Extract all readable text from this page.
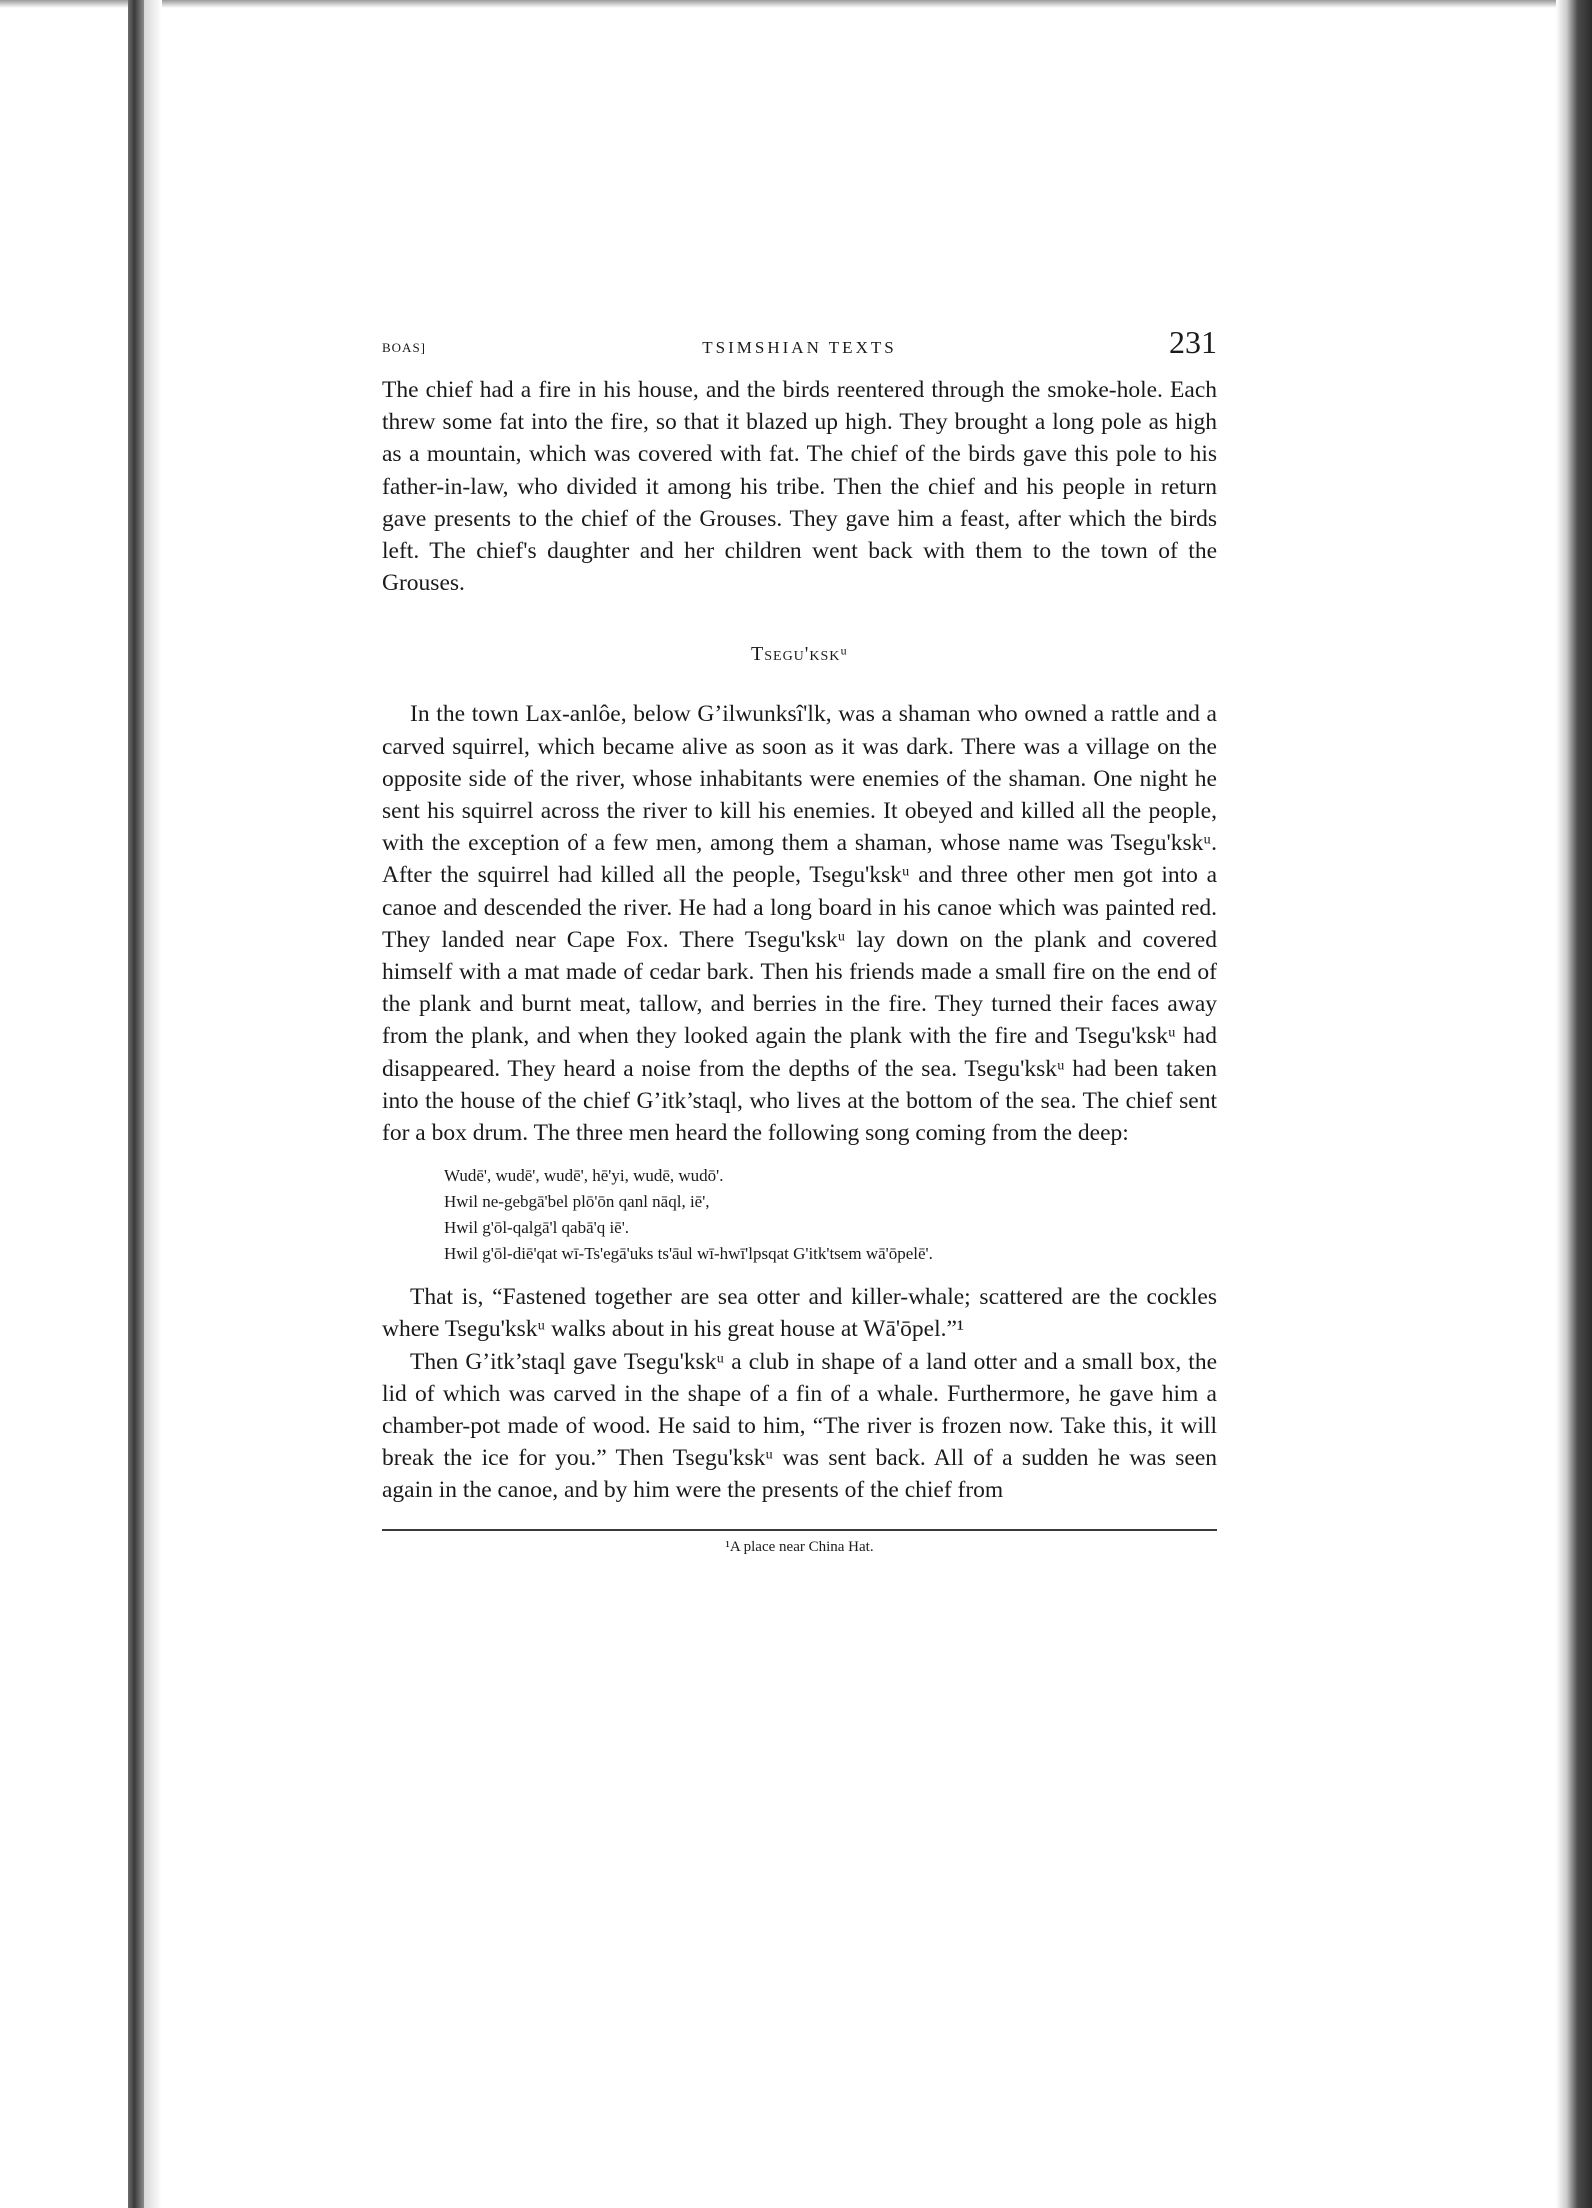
BOAS]	TSIMSHIAN TEXTS	231

The chief had a fire in his house, and the birds reentered through the smoke-hole. Each threw some fat into the fire, so that it blazed up high. They brought a long pole as high as a mountain, which was covered with fat. The chief of the birds gave this pole to his father-in-law, who divided it among his tribe. Then the chief and his people in return gave presents to the chief of the Grouses. They gave him a feast, after which the birds left. The chief's daughter and her children went back with them to the town of the Grouses.

Tsegu'kskᵘ

In the town Lax-anlôe, below G’ilwunksî'lk, was a shaman who owned a rattle and a carved squirrel, which became alive as soon as it was dark. There was a village on the opposite side of the river, whose inhabitants were enemies of the shaman. One night he sent his squirrel across the river to kill his enemies. It obeyed and killed all the people, with the exception of a few men, among them a shaman, whose name was Tsegu'kskᵘ. After the squirrel had killed all the people, Tsegu'kskᵘ and three other men got into a canoe and descended the river. He had a long board in his canoe which was painted red. They landed near Cape Fox. There Tsegu'kskᵘ lay down on the plank and covered himself with a mat made of cedar bark. Then his friends made a small fire on the end of the plank and burnt meat, tallow, and berries in the fire. They turned their faces away from the plank, and when they looked again the plank with the fire and Tsegu'kskᵘ had disappeared. They heard a noise from the depths of the sea. Tsegu'kskᵘ had been taken into the house of the chief G’itk’staql, who lives at the bottom of the sea. The chief sent for a box drum. The three men heard the following song coming from the deep:

Wudē', wudē', wudē', hē'yi, wudē, wudō'.
Hwil ne-gebgā'bel plō'ōn qanl nāql, iē',
Hwil g'ōl-qalgā'l qabā'q iē'.
Hwil g'ōl-diē'qat wī-Ts'egā'uks ts'āul wī-hwī'lpsqat G'itk'tsem wā'ōpelē'.

That is, “Fastened together are sea otter and killer-whale; scattered are the cockles where Tsegu'kskᵘ walks about in his great house at Wā'ōpel.”¹

Then G’itk’staql gave Tsegu'kskᵘ a club in shape of a land otter and a small box, the lid of which was carved in the shape of a fin of a whale. Furthermore, he gave him a chamber-pot made of wood. He said to him, “The river is frozen now. Take this, it will break the ice for you.” Then Tsegu'kskᵘ was sent back. All of a sudden he was seen again in the canoe, and by him were the presents of the chief from

¹A place near China Hat.
